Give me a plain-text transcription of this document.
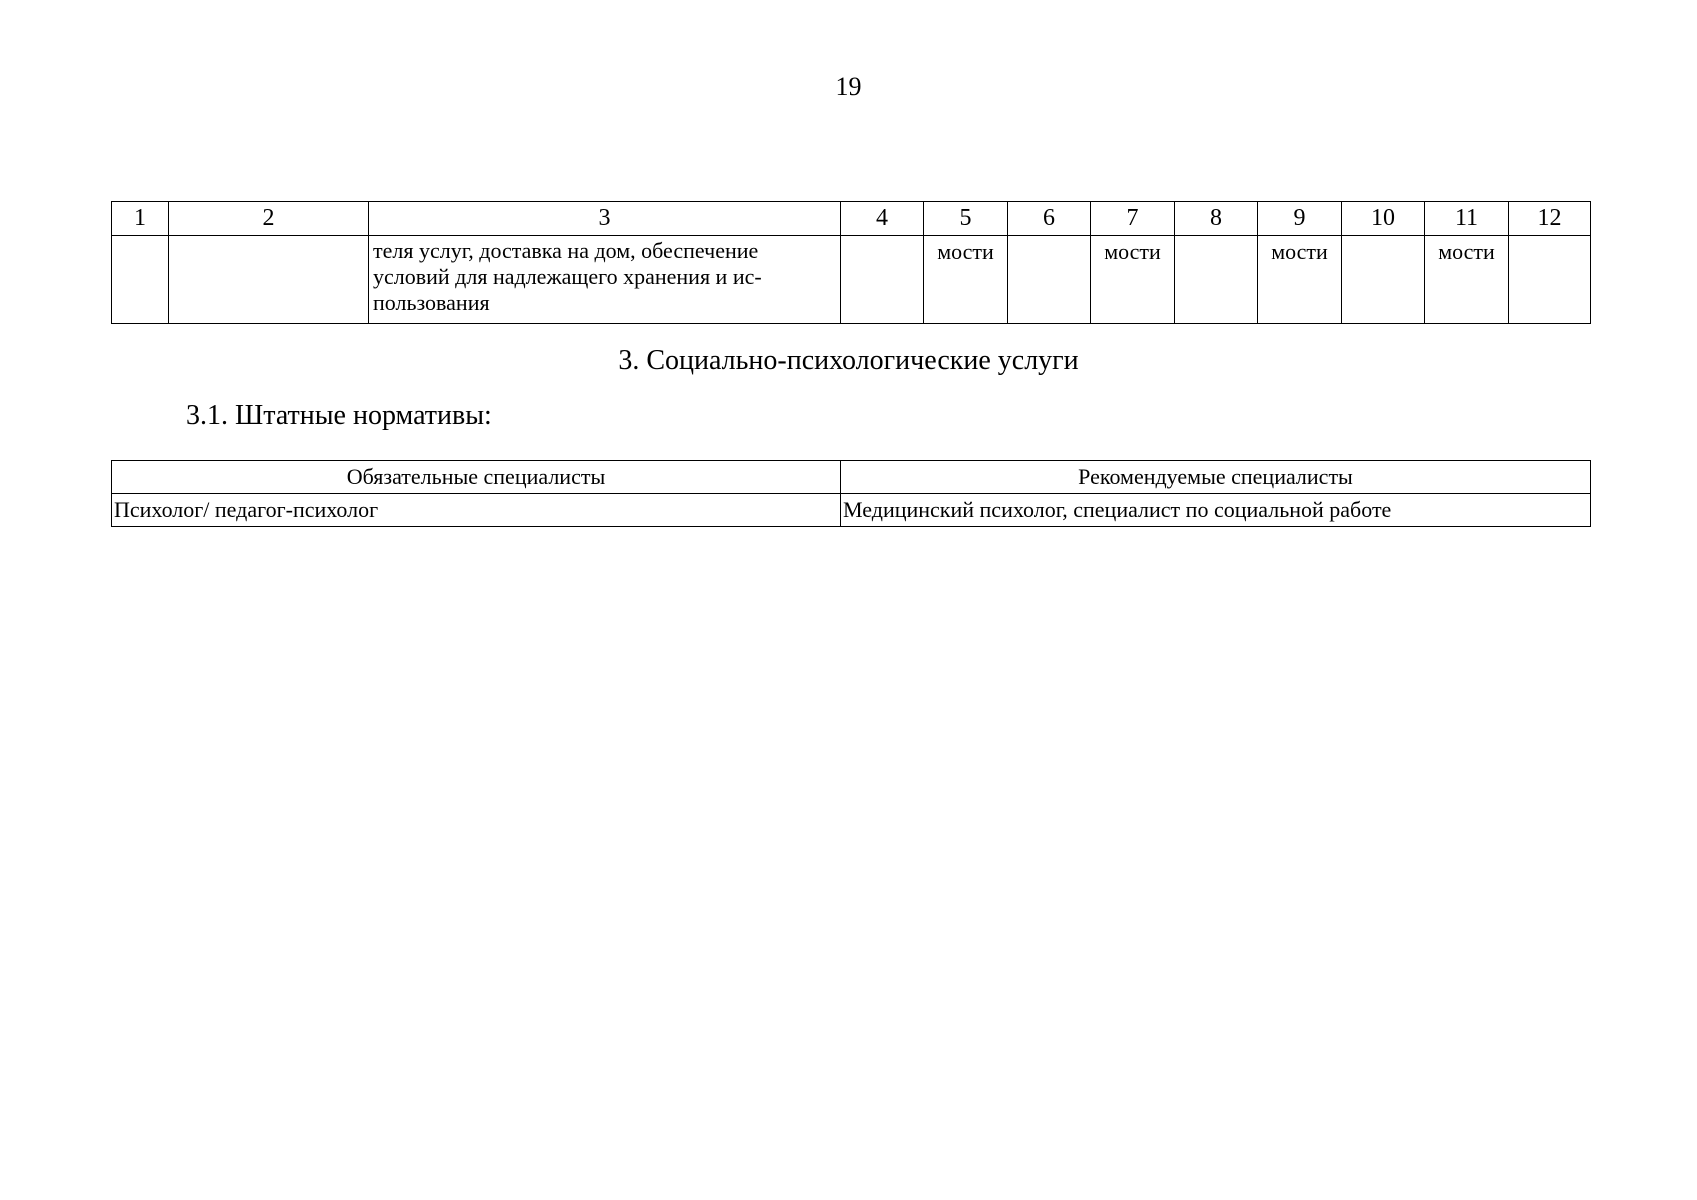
19
1	2	3	4	5	6	7	8	9	10	11	12
		теля услуг, доставка на дом, обеспечение условий для надлежащего хранения и ис-пользования		мости		мости		мости		мости	
3. Социально-психологические услуги
3.1. Штатные нормативы:
Обязательные специалисты	Рекомендуемые специалисты
Психолог/ педагог-психолог	Медицинский психолог, специалист по социальной работе
